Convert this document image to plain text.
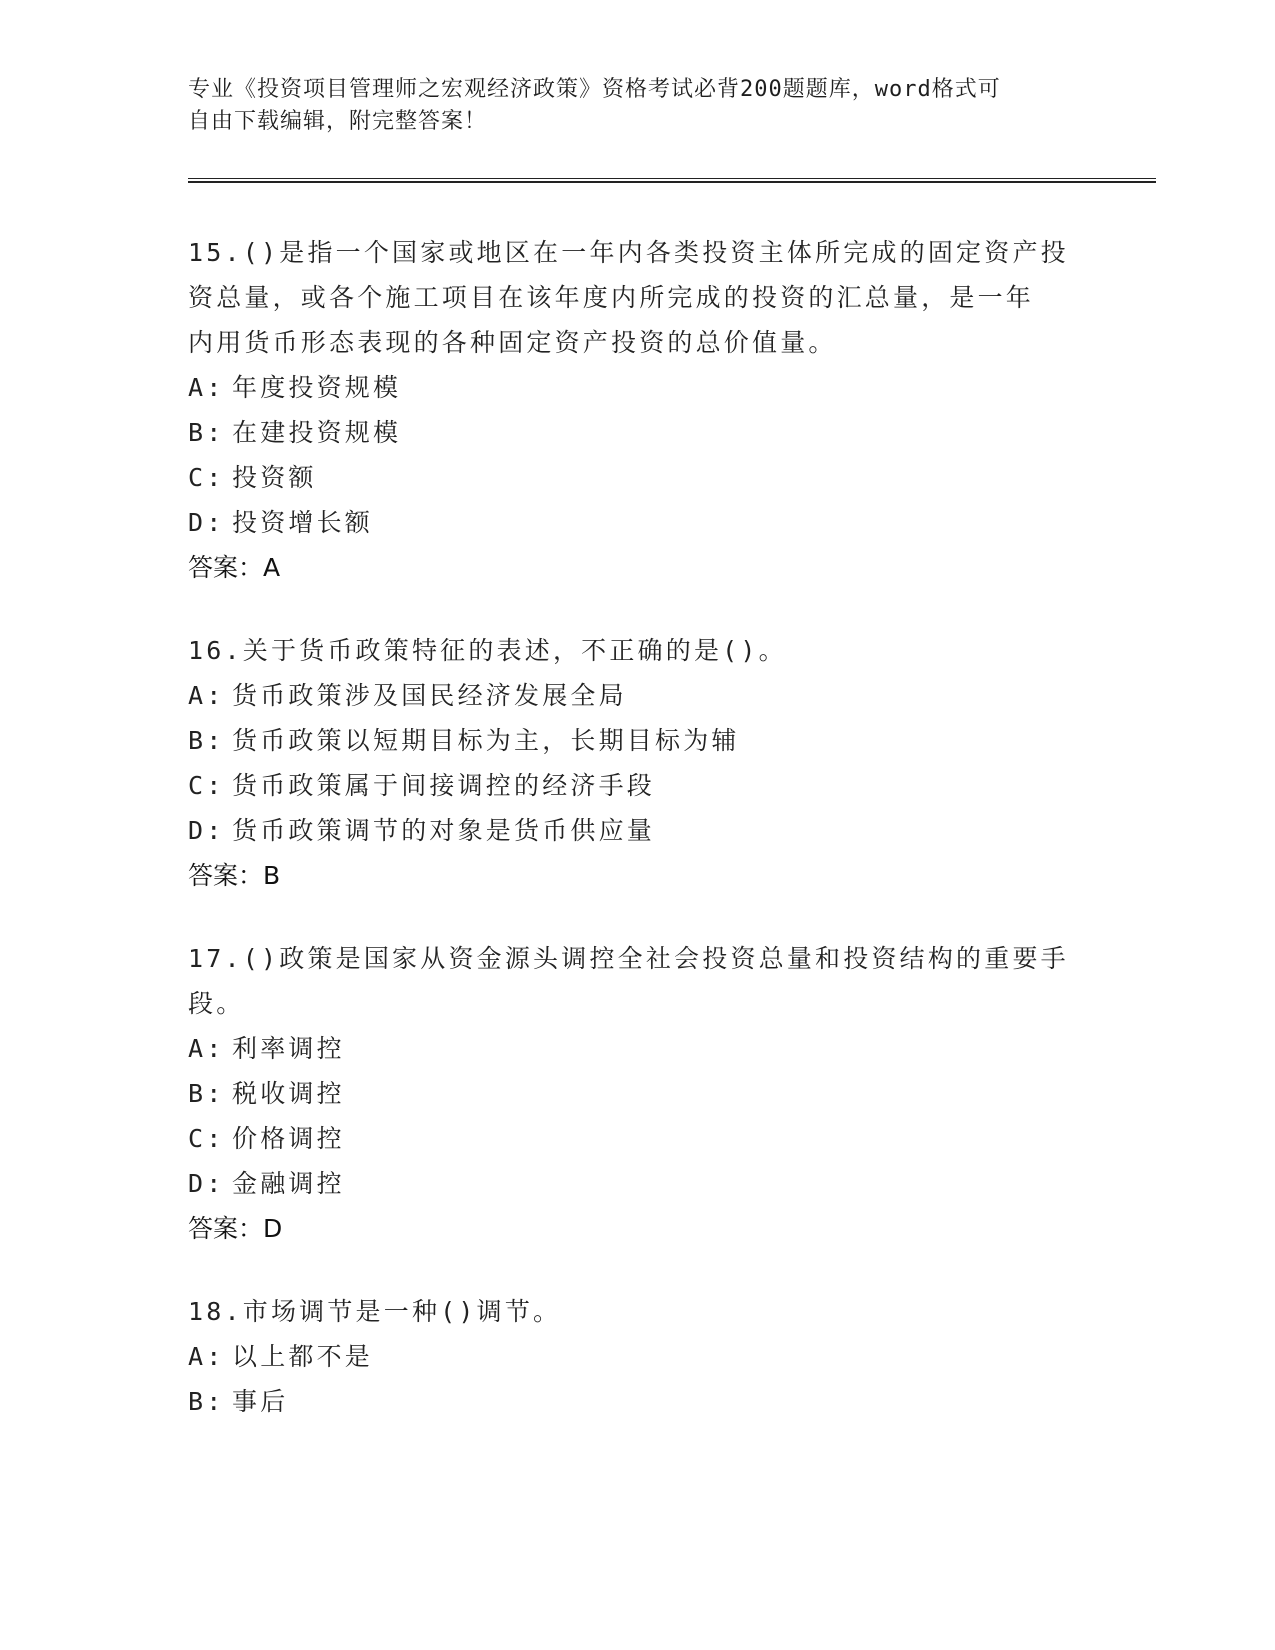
专业《投资项目管理师之宏观经济政策》资格考试必背200题题库，word格式可
自由下载编辑，附完整答案！
15.()是指一个国家或地区在一年内各类投资主体所完成的固定资产投
资总量，或各个施工项目在该年度内所完成的投资的汇总量，是一年
内用货币形态表现的各种固定资产投资的总价值量。
A: 年度投资规模
B: 在建投资规模
C: 投资额
D: 投资增长额
答案：A
16.关于货币政策特征的表述，不正确的是()。
A: 货币政策涉及国民经济发展全局
B: 货币政策以短期目标为主，长期目标为辅
C: 货币政策属于间接调控的经济手段
D: 货币政策调节的对象是货币供应量
答案：B
17.()政策是国家从资金源头调控全社会投资总量和投资结构的重要手
段。
A: 利率调控
B: 税收调控
C: 价格调控
D: 金融调控
答案：D
18.市场调节是一种()调节。
A: 以上都不是
B: 事后
